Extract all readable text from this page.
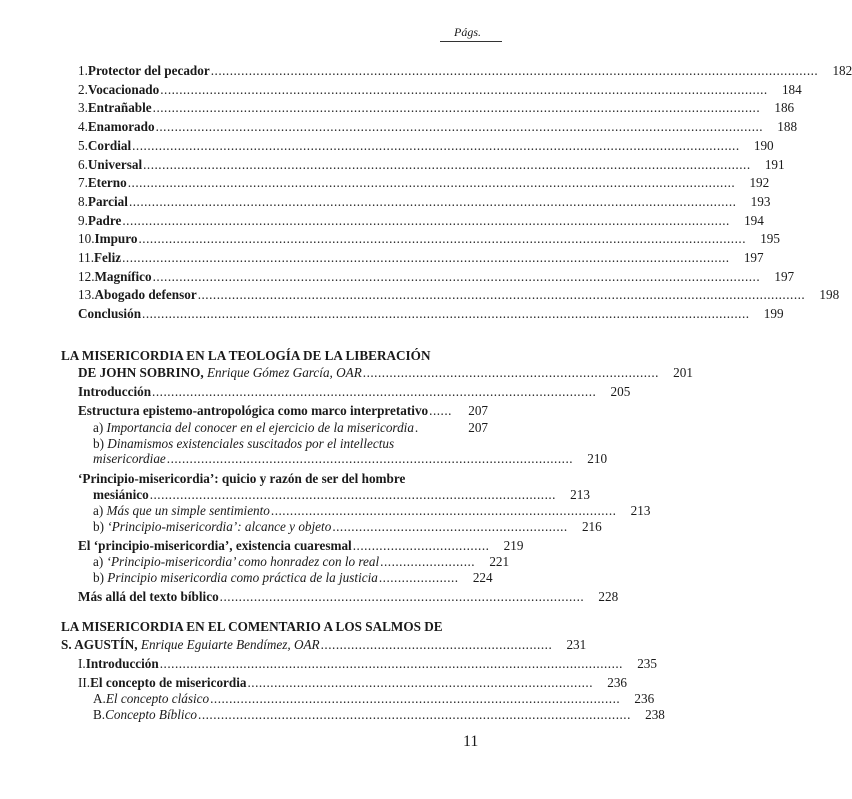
Págs.
1. Protector del pecador ................................................................................................................................................................	182
2. Vocacionado ................................................................................................................................................................	184
3. Entrañable ................................................................................................................................................................	186
4. Enamorado ................................................................................................................................................................	188
5. Cordial ................................................................................................................................................................	190
6. Universal ................................................................................................................................................................	191
7. Eterno ................................................................................................................................................................	192
8. Parcial ................................................................................................................................................................	193
9. Padre ................................................................................................................................................................	194
10. Impuro ................................................................................................................................................................	195
11. Feliz ................................................................................................................................................................	197
12. Magnífico ................................................................................................................................................................	197
13. Abogado defensor ................................................................................................................................................................	198
Conclusión ................................................................................................................................................................	199
LA MISERICORDIA EN LA TEOLOGÍA DE LA LIBERACIÓN
DE JOHN SOBRINO,
Enrique Gómez García, OAR ..............................................................................	201
Introducción .....................................................................................................................	205
Estructura epistemo-antropológica como marco interpretativo ......	207
a)
Importancia del conocer en el ejercicio de la misericordia .	207
b)
Dinamismos existenciales suscitados por el
intellectus
misericordiae ...........................................................................................................	210
‘Principio-misericordia’: quicio y razón de ser del hombre
mesiánico ...........................................................................................................	213
a)
Más que un simple sentimiento ...........................................................................................	213
b)
‘Principio-misericordia’: alcance y objeto ..............................................................	216
El ‘principio-misericordia’, existencia cuaresmal ....................................	219
a)
‘Principio-misericordia’ como honradez con lo real .........................	221
b)
Principio misericordia como práctica de la justicia .....................	224
Más allá del texto bíblico ................................................................................................	228
LA MISERICORDIA EN EL COMENTARIO A LOS SALMOS DE
S. AGUSTÍN,
Enrique Eguiarte Bendímez, OAR .............................................................	231
I. Introducción ..........................................................................................................................	235
II. El concepto de misericordia ...........................................................................................	236
A. El concepto clásico ............................................................................................................	236
B. Concepto Bíblico ..................................................................................................................	238
11
